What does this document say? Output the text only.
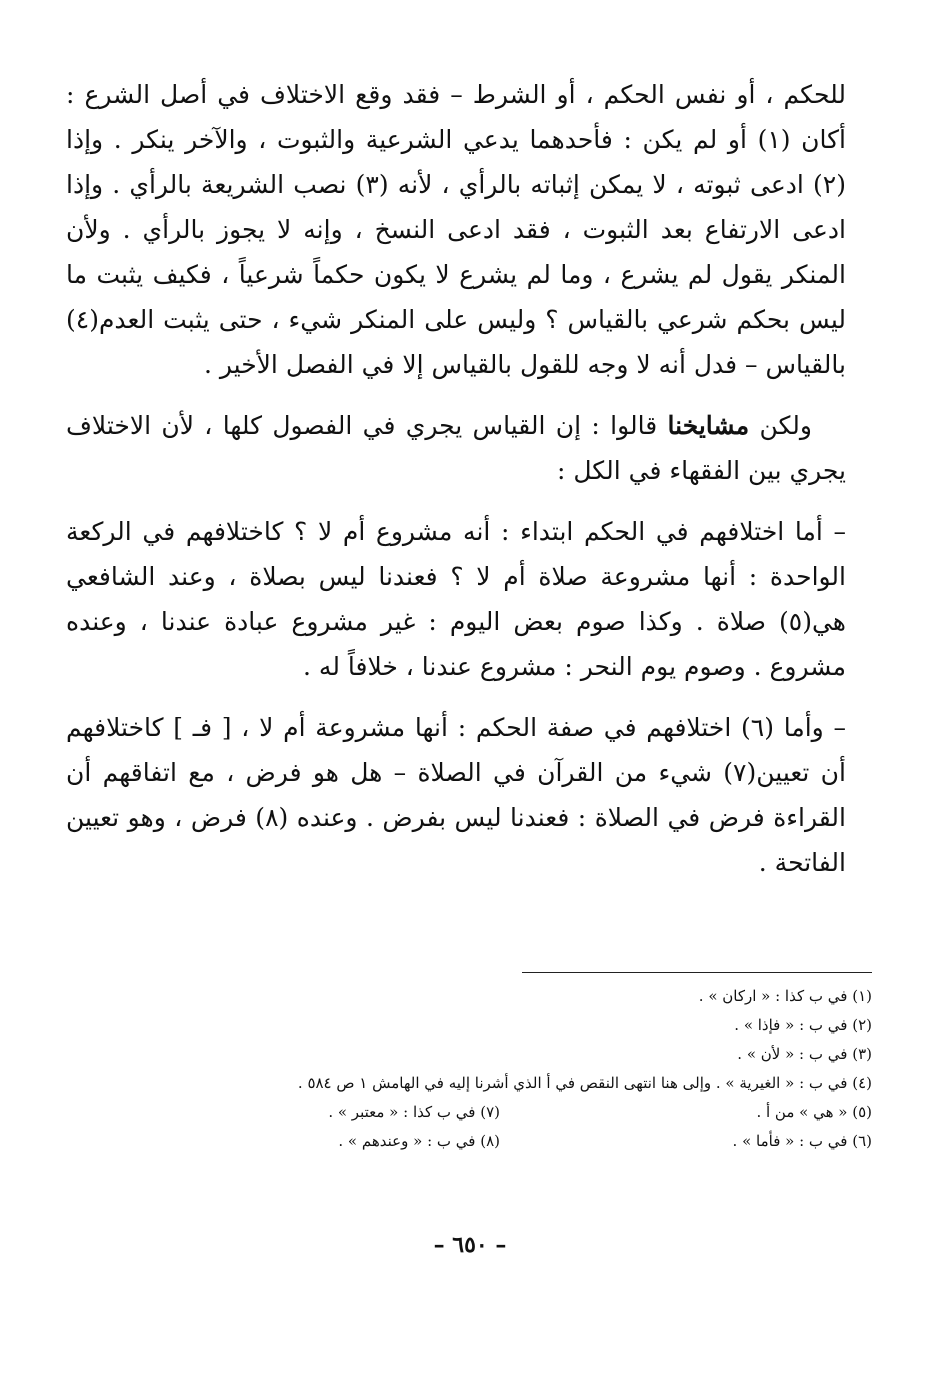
للحكم ، أو نفس الحكم ، أو الشرط – فقد وقع الاختلاف في أصل الشرع : أكان (١) أو لم يكن : فأحدهما يدعي الشرعية والثبوت ، والآخر ينكر . وإذا (٢) ادعى ثبوته ، لا يمكن إثباته بالرأي ، لأنه (٣) نصب الشريعة بالرأي . وإذا ادعى الارتفاع بعد الثبوت ، فقد ادعى النسخ ، وإنه لا يجوز بالرأي . ولأن المنكر يقول لم يشرع ، وما لم يشرع لا يكون حكماً شرعياً ، فكيف يثبت ما ليس بحكم شرعي بالقياس ؟ وليس على المنكر شيء ، حتى يثبت العدم(٤) بالقياس – فدل أنه لا وجه للقول بالقياس إلا في الفصل الأخير .

ولكن مشايخنا قالوا : إن القياس يجري في الفصول كلها ، لأن الاختلاف يجري بين الفقهاء في الكل :

– أما اختلافهم في الحكم ابتداء : أنه مشروع أم لا ؟ كاختلافهم في الركعة الواحدة : أنها مشروعة صلاة أم لا ؟ فعندنا ليس بصلاة ، وعند الشافعي هي(٥) صلاة . وكذا صوم بعض اليوم : غير مشروع عبادة عندنا ، وعنده مشروع . وصوم يوم النحر : مشروع عندنا ، خلافاً له .

– وأما (٦) اختلافهم في صفة الحكم : أنها مشروعة أم لا ، [ فـ ] كاختلافهم أن تعيين(٧) شيء من القرآن في الصلاة – هل هو فرض ، مع اتفاقهم أن القراءة فرض في الصلاة : فعندنا ليس بفرض . وعنده (٨) فرض ، وهو تعيين الفاتحة .

(١) في ب كذا : « اركان » .
(٢) في ب : « فإذا » .
(٣) في ب : « لأن » .
(٤) في ب : « الغيرية » . وإلى هنا انتهى النقص في أ الذي أشرنا إليه في الهامش ١ ص ٥٨٤ .
(٥) « هي » من أ .
(٧) في ب كذا : « معتبر » .
(٦) في ب : « فأما » .
(٨) في ب : « وعندهم » .
– ٦٥٠ –
